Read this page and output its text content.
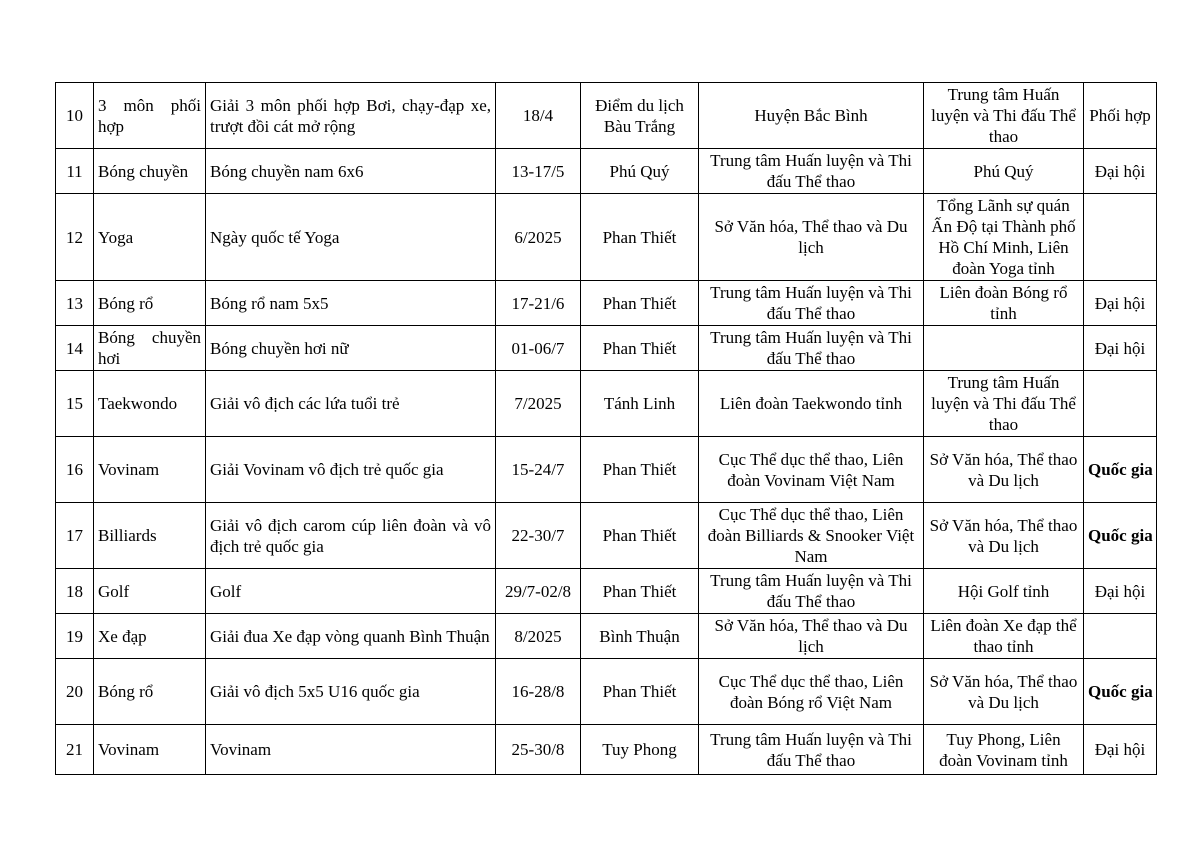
10	3 môn phối hợp	Giải 3 môn phối hợp Bơi, chạy-đạp xe, trượt đồi cát mở rộng	18/4	Điểm du lịch Bàu Trắng	Huyện Bắc Bình	Trung tâm Huấn luyện và Thi đấu Thể thao	Phối hợp
11	Bóng chuyền	Bóng chuyền nam 6x6	13-17/5	Phú Quý	Trung tâm Huấn luyện và Thi đấu Thể thao	Phú Quý	Đại hội
12	Yoga	Ngày quốc tế Yoga	6/2025	Phan Thiết	Sở Văn hóa, Thể thao và Du lịch	Tổng Lãnh sự quán Ấn Độ tại Thành phố Hồ Chí Minh, Liên đoàn Yoga tỉnh	
13	Bóng rổ	Bóng rổ nam 5x5	17-21/6	Phan Thiết	Trung tâm Huấn luyện và Thi đấu Thể thao	Liên đoàn Bóng rổ tỉnh	Đại hội
14	Bóng chuyền hơi	Bóng chuyền hơi nữ	01-06/7	Phan Thiết	Trung tâm Huấn luyện và Thi đấu Thể thao		Đại hội
15	Taekwondo	Giải vô địch các lứa tuổi trẻ	7/2025	Tánh Linh	Liên đoàn Taekwondo tỉnh	Trung tâm Huấn luyện và Thi đấu Thể thao	
16	Vovinam	Giải Vovinam vô địch trẻ quốc gia	15-24/7	Phan Thiết	Cục Thể dục thể thao, Liên đoàn Vovinam Việt Nam	Sở Văn hóa, Thể thao và Du lịch	Quốc gia
17	Billiards	Giải vô địch carom cúp liên đoàn và vô địch trẻ quốc gia	22-30/7	Phan Thiết	Cục Thể dục thể thao, Liên đoàn Billiards & Snooker Việt Nam	Sở Văn hóa, Thể thao và Du lịch	Quốc gia
18	Golf	Golf	29/7-02/8	Phan Thiết	Trung tâm Huấn luyện và Thi đấu Thể thao	Hội Golf tỉnh	Đại hội
19	Xe đạp	Giải đua Xe đạp vòng quanh Bình Thuận	8/2025	Bình Thuận	Sở Văn hóa, Thể thao và Du lịch	Liên đoàn Xe đạp thể thao tỉnh	
20	Bóng rổ	Giải vô địch 5x5 U16 quốc gia	16-28/8	Phan Thiết	Cục Thể dục thể thao, Liên đoàn Bóng rổ Việt Nam	Sở Văn hóa, Thể thao và Du lịch	Quốc gia
21	Vovinam	Vovinam	25-30/8	Tuy Phong	Trung tâm Huấn luyện và Thi đấu Thể thao	Tuy Phong, Liên đoàn Vovinam tỉnh	Đại hội
